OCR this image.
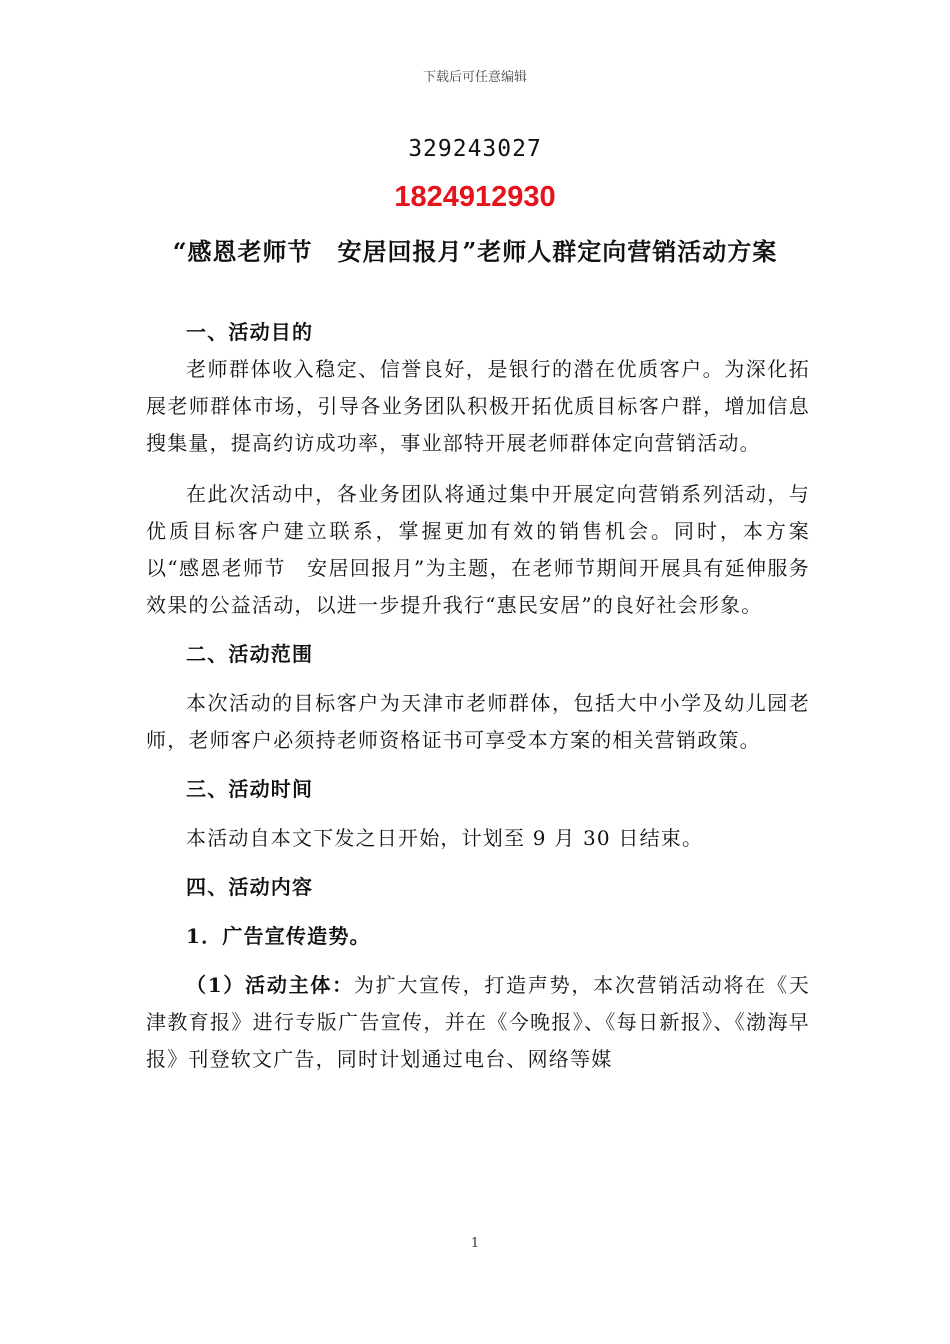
下载后可任意编辑
329243027
1824912930
“感恩老师节　安居回报月”老师人群定向营销活动方案
一、活动目的

老师群体收入稳定、信誉良好，是银行的潜在优质客户。为深化拓展老师群体市场，引导各业务团队积极开拓优质目标客户群，增加信息搜集量，提高约访成功率，事业部特开展老师群体定向营销活动。

在此次活动中，各业务团队将通过集中开展定向营销系列活动，与优质目标客户建立联系，掌握更加有效的销售机会。同时，本方案以“感恩老师节　安居回报月”为主题，在老师节期间开展具有延伸服务效果的公益活动，以进一步提升我行“惠民安居”的良好社会形象。

二、活动范围

本次活动的目标客户为天津市老师群体，包括大中小学及幼儿园老师，老师客户必须持老师资格证书可享受本方案的相关营销政策。

三、活动时间

本活动自本文下发之日开始，计划至 9 月 30 日结束。

四、活动内容

1．广告宣传造势。

（1）活动主体：为扩大宣传，打造声势，本次营销活动将在《天津教育报》进行专版广告宣传，并在《今晚报》、《每日新报》、《渤海早报》刊登软文广告，同时计划通过电台、网络等媒

1
